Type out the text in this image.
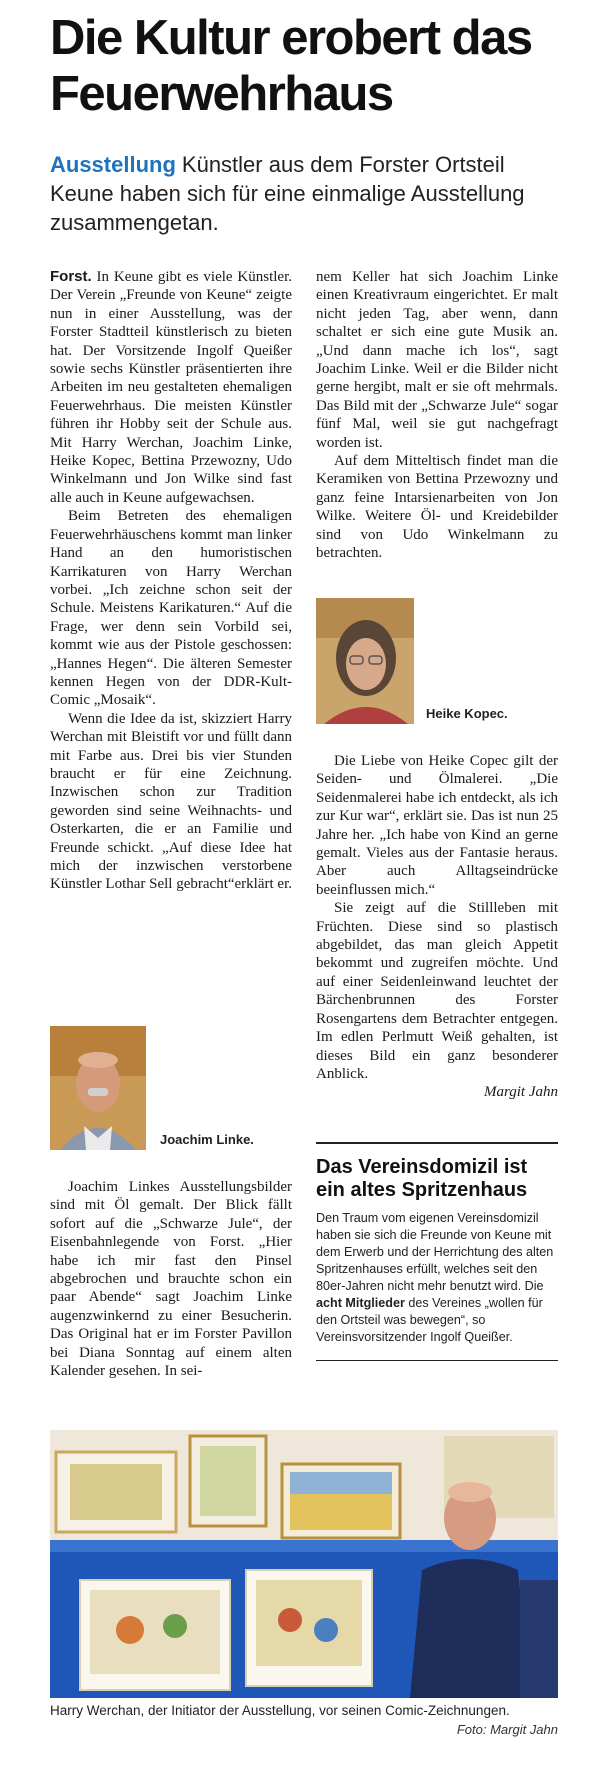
Die Kultur erobert das Feuerwehrhaus

Ausstellung Künstler aus dem Forster Ortsteil Keune haben sich für eine einmalige Ausstellung zusammengetan.

Forst. In Keune gibt es viele Künstler. Der Verein „Freunde von Keune“ zeigte nun in einer Ausstellung, was der Forster Stadtteil künstlerisch zu bieten hat. Der Vorsitzende Ingolf Queißer sowie sechs Künstler präsentierten ihre Arbeiten im neu gestalteten ehemaligen Feuerwehrhaus. Die meisten Künstler führen ihr Hobby seit der Schule aus. Mit Harry Werchan, Joachim Linke, Heike Kopec, Bettina Przewozny, Udo Winkelmann und Jon Wilke sind fast alle auch in Keune aufgewachsen.

Beim Betreten des ehemaligen Feuerwehrhäuschens kommt man linker Hand an den humoristischen Karrikaturen von Harry Werchan vorbei. „Ich zeichne schon seit der Schule. Meistens Karikaturen.“ Auf die Frage, wer denn sein Vorbild sei, kommt wie aus der Pistole geschossen: „Hannes Hegen“. Die älteren Semester kennen Hegen von der DDR-Kult-Comic „Mosaik“.

Wenn die Idee da ist, skizziert Harry Werchan mit Bleistift vor und füllt dann mit Farbe aus. Drei bis vier Stunden braucht er für eine Zeichnung. Inzwischen schon zur Tradition geworden sind seine Weihnachts- und Osterkarten, die er an Familie und Freunde schickt. „Auf diese Idee hat mich der inzwischen verstorbene Künstler Lothar Sell gebracht“erklärt er.

Joachim Linke.

Joachim Linkes Ausstellungsbilder sind mit Öl gemalt. Der Blick fällt sofort auf die „Schwarze Jule“, der Eisenbahnlegende von Forst. „Hier habe ich mir fast den Pinsel abgebrochen und brauchte schon ein paar Abende“ sagt Joachim Linke augenzwinkernd zu einer Besucherin. Das Original hat er im Forster Pavillon bei Diana Sonntag auf einem alten Kalender gesehen. In sei-

nem Keller hat sich Joachim Linke einen Kreativraum eingerichtet. Er malt nicht jeden Tag, aber wenn, dann schaltet er sich eine gute Musik an. „Und dann mache ich los“, sagt Joachim Linke. Weil er die Bilder nicht gerne hergibt, malt er sie oft mehrmals. Das Bild mit der „Schwarze Jule“ sogar fünf Mal, weil sie gut nachgefragt worden ist.

Auf dem Mitteltisch findet man die Keramiken von Bettina Przewozny und ganz feine Intarsienarbeiten von Jon Wilke. Weitere Öl- und Kreidebilder sind von Udo Winkelmann zu betrachten.

Heike Kopec.

Die Liebe von Heike Copec gilt der Seiden- und Ölmalerei. „Die Seidenmalerei habe ich entdeckt, als ich zur Kur war“, erklärt sie. Das ist nun 25 Jahre her. „Ich habe von Kind an gerne gemalt. Vieles aus der Fantasie heraus. Aber auch Alltagseindrücke beeinflussen mich.“

Sie zeigt auf die Stillleben mit Früchten. Diese sind so plastisch abgebildet, das man gleich Appetit bekommt und zugreifen möchte. Und auf einer Seidenleinwand leuchtet der Bärchenbrunnen des Forster Rosengartens dem Betrachter entgegen. Im edlen Perlmutt Weiß gehalten, ist dieses Bild ein ganz besonderer Anblick.

Margit Jahn

Das Vereinsdomizil ist ein altes Spritzenhaus

Den Traum vom eigenen Vereinsdomizil haben sie sich die Freunde von Keune mit dem Erwerb und der Herrichtung des alten Spritzenhauses erfüllt, welches seit den 80er-Jahren nicht mehr benutzt wird. Die acht Mitglieder des Vereines „wollen für den Ortsteil was bewegen“, so Vereinsvorsitzender Ingolf Queißer.

Harry Werchan, der Initiator der Ausstellung, vor seinen Comic-Zeichnungen.
Foto: Margit Jahn
